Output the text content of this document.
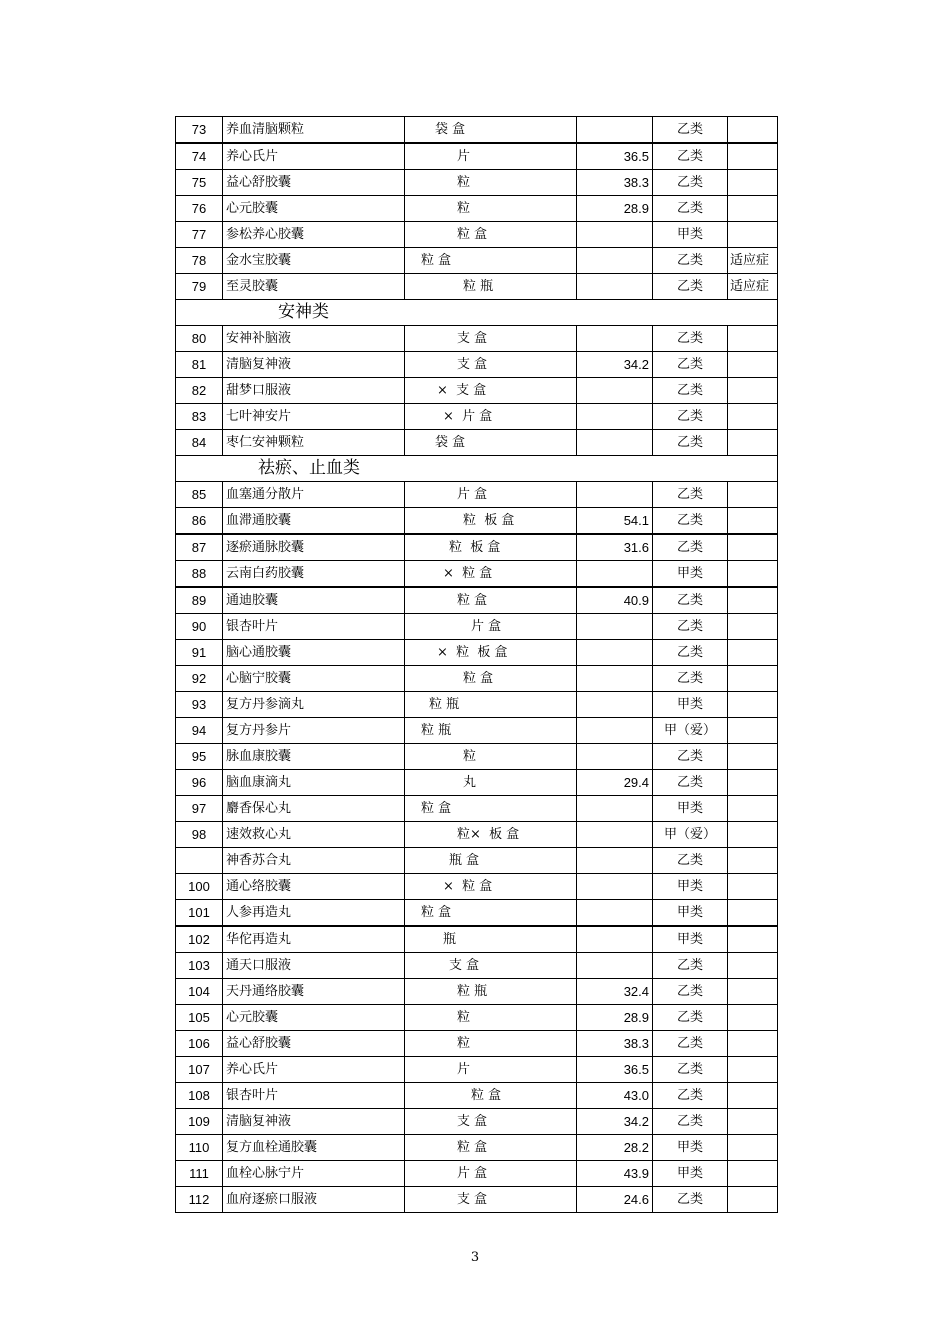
73	养血清脑颗粒	袋 盒		乙类	
74	养心氏片	片	36.5	乙类	
75	益心舒胶囊	粒	38.3	乙类	
76	心元胶囊	粒	28.9	乙类	
77	参松养心胶囊	粒 盒		甲类	
78	金水宝胶囊	粒 盒		乙类	适应症
79	至灵胶囊	粒 瓶		乙类	适应症
安神类					
80	安神补脑液	支 盒		乙类	
81	清脑复神液	支 盒	34.2	乙类	
82	甜梦口服液	×  支 盒		乙类	
83	七叶神安片	×  片 盒		乙类	
84	枣仁安神颗粒	袋 盒		乙类	
祛瘀、止血类					
85	血塞通分散片	片 盒		乙类	
86	血滞通胶囊	粒  板 盒	54.1	乙类	
87	逐瘀通脉胶囊	粒  板 盒	31.6	乙类	
88	云南白药胶囊	×  粒 盒		甲类	
89	通迪胶囊	粒 盒	40.9	乙类	
90	银杏叶片	片 盒		乙类	
91	脑心通胶囊	×  粒  板 盒		乙类	
92	心脑宁胶囊	粒 盒		乙类	
93	复方丹参滴丸	粒 瓶		甲类	
94	复方丹参片	粒 瓶		甲（爱）	
95	脉血康胶囊	粒		乙类	
96	脑血康滴丸	丸	29.4	乙类	
97	麝香保心丸	粒 盒		甲类	
98	速效救心丸	粒×  板 盒		甲（爱）	
	神香苏合丸	瓶 盒		乙类	
100	通心络胶囊	×  粒 盒		甲类	
101	人参再造丸	粒 盒		甲类	
102	华佗再造丸	瓶		甲类	
103	通天口服液	支 盒		乙类	
104	天丹通络胶囊	粒 瓶	32.4	乙类	
105	心元胶囊	粒	28.9	乙类	
106	益心舒胶囊	粒	38.3	乙类	
107	养心氏片	片	36.5	乙类	
108	银杏叶片	粒 盒	43.0	乙类	
109	清脑复神液	支 盒	34.2	乙类	
110	复方血栓通胶囊	粒 盒	28.2	甲类	
111	血栓心脉宁片	片 盒	43.9	甲类	
112	血府逐瘀口服液	支 盒	24.6	乙类	
3
